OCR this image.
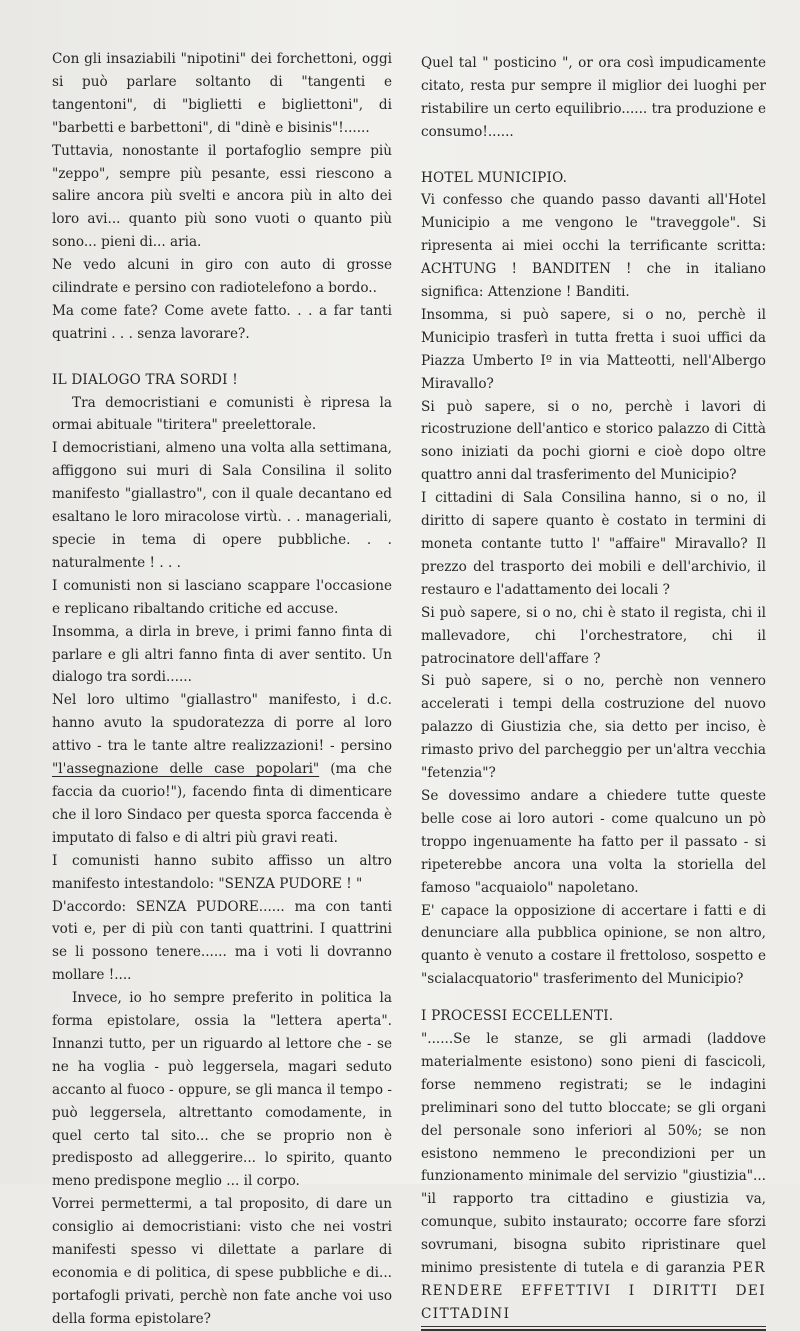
Con gli insaziabili "nipotini" dei forchettoni, oggi si può parlare soltanto di "tangenti e tangentoni", di "biglietti e bigliettoni", di "barbetti e barbettoni", di "dinè e bisinis"!......

Tuttavia, nonostante il portafoglio sempre più "zeppo", sempre più pesante, essi riescono a salire ancora più svelti e ancora più in alto dei loro avi... quanto più sono vuoti o quanto più sono... pieni di... aria.

Ne vedo alcuni in giro con auto di grosse cilindrate e persino con radiotelefono a bordo..

Ma come fate? Come avete fatto. . . a far tanti quatrini . . . senza lavorare?.

IL DIALOGO TRA SORDI !

Tra democristiani e comunisti è ripresa la ormai abituale "tiritera" preelettorale.

I democristiani, almeno una volta alla settimana, affiggono sui muri di Sala Consilina il solito manifesto "giallastro", con il quale decantano ed esaltano le loro miracolose virtù. . . manageriali, specie in tema di opere pubbliche. . . naturalmente ! . . .

I comunisti non si lasciano scappare l'occasione e replicano ribaltando critiche ed accuse.

Insomma, a dirla in breve, i primi fanno finta di parlare e gli altri fanno finta di aver sentito. Un dialogo tra sordi......

Nel loro ultimo "giallastro" manifesto, i d.c. hanno avuto la spudoratezza di porre al loro attivo - tra le tante altre realizzazioni! - persino "l'assegnazione delle case popolari" (ma che faccia da cuorio!"), facendo finta di dimenticare che il loro Sindaco per questa sporca faccenda è imputato di falso e di altri più gravi reati.

I comunisti hanno subito affisso un altro manifesto intestandolo: "SENZA PUDORE ! "

D'accordo: SENZA PUDORE...... ma con tanti voti e, per di più con tanti quattrini. I quattrini se li possono tenere...... ma i voti li dovranno mollare !....

Invece, io ho sempre preferito in politica la forma epistolare, ossia la "lettera aperta". Innanzi tutto, per un riguardo al lettore che - se ne ha voglia - può leggersela, magari seduto accanto al fuoco - oppure, se gli manca il tempo - può leggersela, altrettanto comodamente, in quel certo tal sito... che se proprio non è predisposto ad alleggerire... lo spirito, quanto meno predispone meglio ... il corpo.

Vorrei permettermi, a tal proposito, di dare un consiglio ai democristiani: visto che nei vostri manifesti spesso vi dilettate a parlare di economia e di politica, di spese pubbliche e di... portafogli privati, perchè non fate anche voi uso della forma epistolare?

Quel tal " posticino ", or ora così impudicamente citato, resta pur sempre il miglior dei luoghi per ristabilire un certo equilibrio...... tra produzione e consumo!......

HOTEL MUNICIPIO.

Vi confesso che quando passo davanti all'Hotel Municipio a me vengono le "traveggole". Si ripresenta ai miei occhi la terrificante scritta: ACHTUNG ! BANDITEN ! che in italiano significa: Attenzione ! Banditi.

Insomma, si può sapere, si o no, perchè il Municipio trasferì in tutta fretta i suoi uffici da Piazza Umberto Iº in via Matteotti, nell'Albergo Miravallo?

Si può sapere, si o no, perchè i lavori di ricostruzione dell'antico e storico palazzo di Città sono iniziati da pochi giorni e cioè dopo oltre quattro anni dal trasferimento del Municipio?

I cittadini di Sala Consilina hanno, si o no, il diritto di sapere quanto è costato in termini di moneta contante tutto l' "affaire" Miravallo? Il prezzo del trasporto dei mobili e dell'archivio, il restauro e l'adattamento dei locali ?

Si può sapere, si o no, chi è stato il regista, chi il mallevadore, chi l'orchestratore, chi il patrocinatore dell'affare ?

Si può sapere, si o no, perchè non vennero accelerati i tempi della costruzione del nuovo palazzo di Giustizia che, sia detto per inciso, è rimasto privo del parcheggio per un'altra vecchia "fetenzia"?

Se dovessimo andare a chiedere tutte queste belle cose ai loro autori - come qualcuno un pò troppo ingenuamente ha fatto per il passato - si ripeterebbe ancora una volta la storiella del famoso "acquaiolo" napoletano.

E' capace la opposizione di accertare i fatti e di denunciare alla pubblica opinione, se non altro, quanto è venuto a costare il frettoloso, sospetto e "scialacquatorio" trasferimento del Municipio?

I PROCESSI ECCELLENTI.

"......Se le stanze, se gli armadi (laddove materialmente esistono) sono pieni di fascicoli, forse nemmeno registrati; se le indagini preliminari sono del tutto bloccate; se gli organi del personale sono inferiori al 50%; se non esistono nemmeno le precondizioni per un funzionamento minimale del servizio "giustizia"... "il rapporto tra cittadino e giustizia va, comunque, subito instaurato; occorre fare sforzi sovrumani, bisogna subito ripristinare quel minimo presistente di tutela e di garanzia PER RENDERE EFFETTIVI I DIRITTI DEI CITTADINI
